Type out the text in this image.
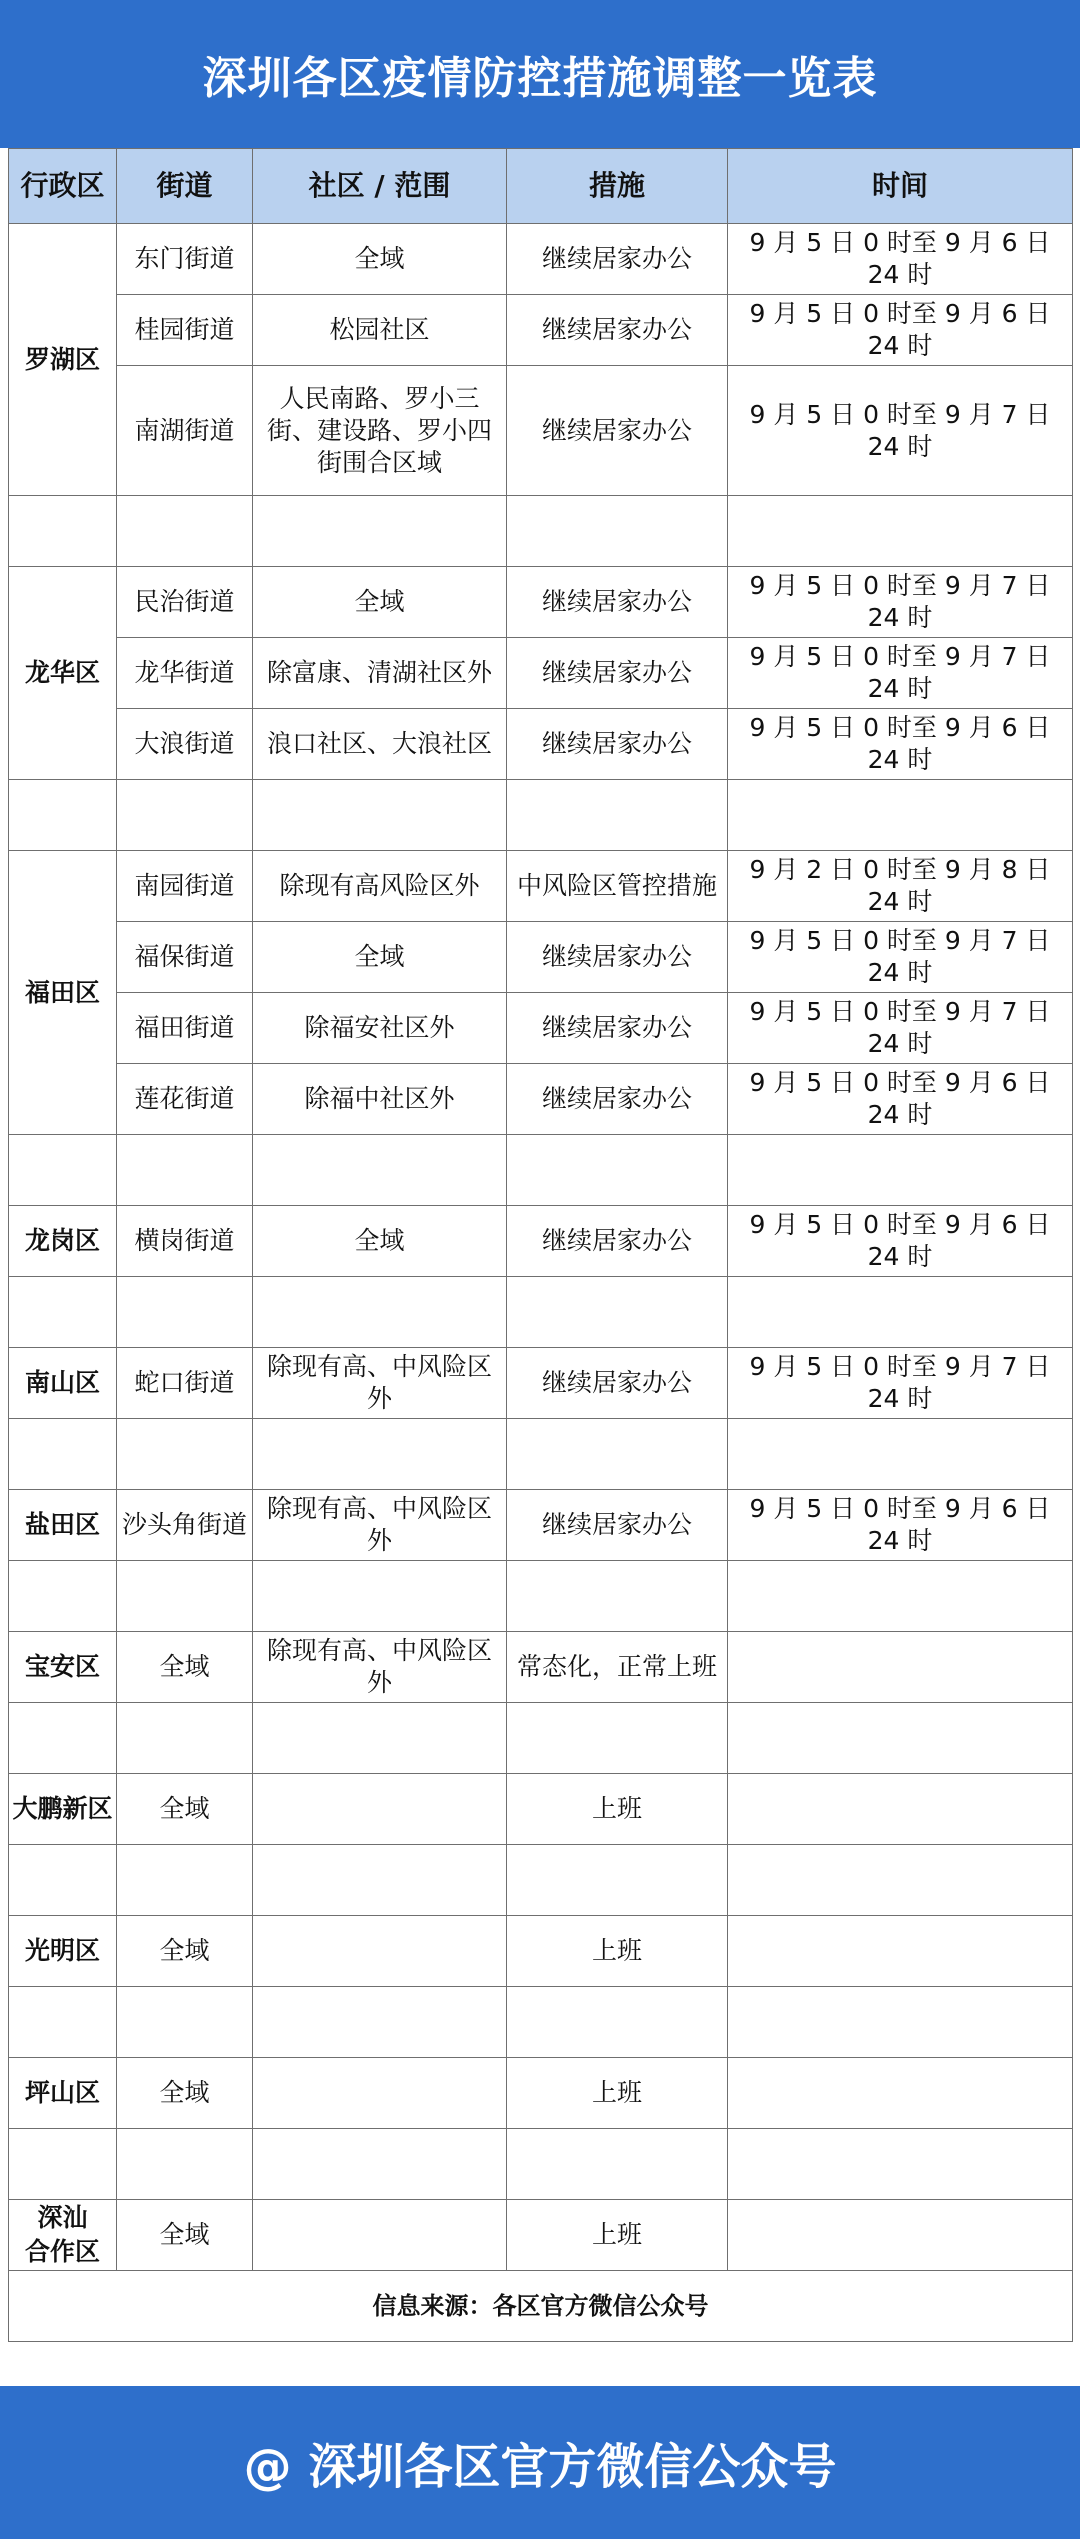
深圳各区疫情防控措施调整一览表
行政区	街道	社区 / 范围	措施	时间
罗湖区	东门街道	全域	继续居家办公	9 月 5 日 0 时至 9 月 6 日 24 时
	桂园街道	松园社区	继续居家办公	9 月 5 日 0 时至 9 月 6 日 24 时
	南湖街道	人民南路、罗小三街、建设路、罗小四街围合区域	继续居家办公	9 月 5 日 0 时至 9 月 7 日 24 时

龙华区	民治街道	全域	继续居家办公	9 月 5 日 0 时至 9 月 7 日 24 时
	龙华街道	除富康、清湖社区外	继续居家办公	9 月 5 日 0 时至 9 月 7 日 24 时
	大浪街道	浪口社区、大浪社区	继续居家办公	9 月 5 日 0 时至 9 月 6 日 24 时

福田区	南园街道	除现有高风险区外	中风险区管控措施	9 月 2 日 0 时至 9 月 8 日 24 时
	福保街道	全域	继续居家办公	9 月 5 日 0 时至 9 月 7 日 24 时
	福田街道	除福安社区外	继续居家办公	9 月 5 日 0 时至 9 月 7 日 24 时
	莲花街道	除福中社区外	继续居家办公	9 月 5 日 0 时至 9 月 6 日 24 时

龙岗区	横岗街道	全域	继续居家办公	9 月 5 日 0 时至 9 月 6 日 24 时

南山区	蛇口街道	除现有高、中风险区外	继续居家办公	9 月 5 日 0 时至 9 月 7 日 24 时

盐田区	沙头角街道	除现有高、中风险区外	继续居家办公	9 月 5 日 0 时至 9 月 6 日 24 时

宝安区	全域	除现有高、中风险区外	常态化，正常上班	

大鹏新区	全域		上班	

光明区	全域		上班	

坪山区	全域		上班	

深汕
合作区	全域		上班	
信息来源：各区官方微信公众号				
@ 深圳各区官方微信公众号
